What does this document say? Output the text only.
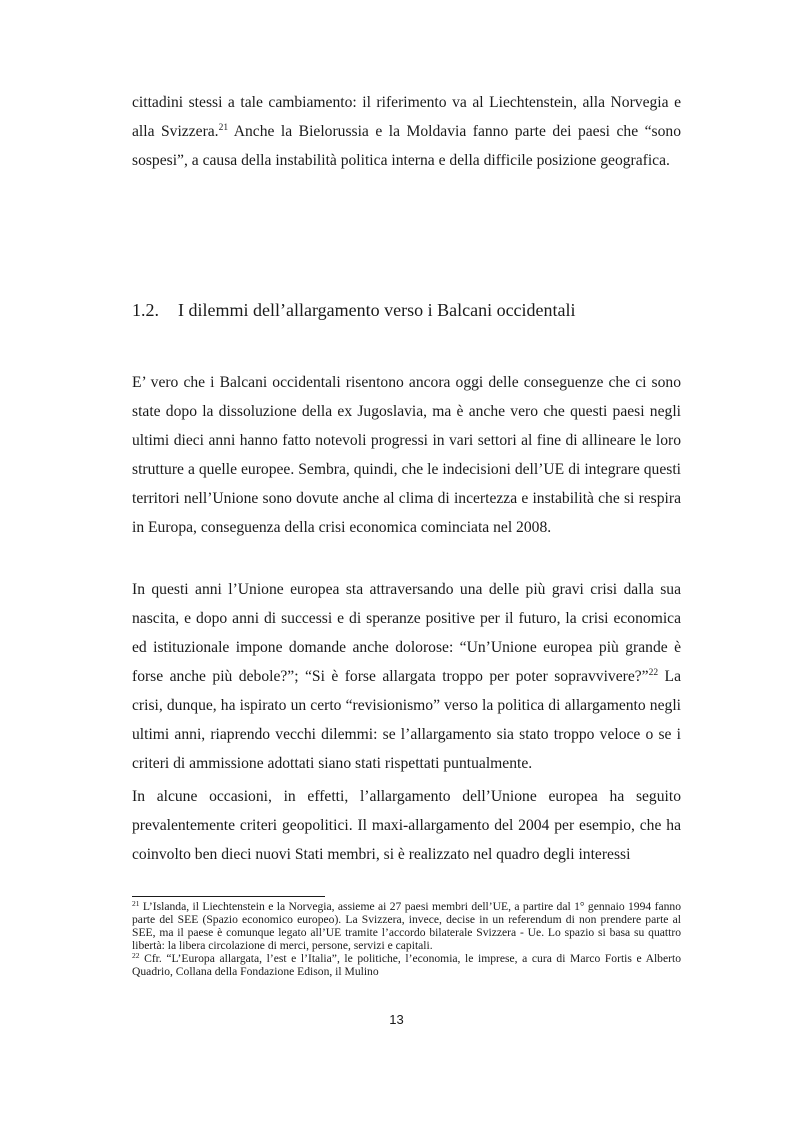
cittadini stessi a tale cambiamento: il riferimento va al Liechtenstein, alla Norvegia e alla Svizzera.$^{21}$ Anche la Bielorussia e la Moldavia fanno parte dei paesi che “sono sospesi”, a causa della instabilità politica interna e della difficile posizione geografica.

1.2. I dilemmi dell’allargamento verso i Balcani occidentali

E’ vero che i Balcani occidentali risentono ancora oggi delle conseguenze che ci sono state dopo la dissoluzione della ex Jugoslavia, ma è anche vero che questi paesi negli ultimi dieci anni hanno fatto notevoli progressi in vari settori al fine di allineare le loro strutture a quelle europee. Sembra, quindi, che le indecisioni dell’UE di integrare questi territori nell’Unione sono dovute anche al clima di incertezza e instabilità che si respira in Europa, conseguenza della crisi economica cominciata nel 2008.

In questi anni l’Unione europea sta attraversando una delle più gravi crisi dalla sua nascita, e dopo anni di successi e di speranze positive per il futuro, la crisi economica ed istituzionale impone domande anche dolorose: “Un’Unione europea più grande è forse anche più debole?”; “Si è forse allargata troppo per poter sopravvivere?”$^{22}$ La crisi, dunque, ha ispirato un certo “revisionismo” verso la politica di allargamento negli ultimi anni, riaprendo vecchi dilemmi: se l’allargamento sia stato troppo veloce o se i criteri di ammissione adottati siano stati rispettati puntualmente.

In alcune occasioni, in effetti, l’allargamento dell’Unione europea ha seguito prevalentemente criteri geopolitici. Il maxi-allargamento del 2004 per esempio, che ha coinvolto ben dieci nuovi Stati membri, si è realizzato nel quadro degli interessi

$^{21}$ L’Islanda, il Liechtenstein e la Norvegia, assieme ai 27 paesi membri dell’UE, a partire dal 1° gennaio 1994 fanno parte del SEE (Spazio economico europeo). La Svizzera, invece, decise in un referendum di non prendere parte al SEE, ma il paese è comunque legato all’UE tramite l’accordo bilaterale Svizzera - Ue. Lo spazio si basa su quattro libertà: la libera circolazione di merci, persone, servizi e capitali.

$^{22}$ Cfr. “L’Europa allargata, l’est e l’Italia”, le politiche, l’economia, le imprese, a cura di Marco Fortis e Alberto Quadrio, Collana della Fondazione Edison, il Mulino

13
